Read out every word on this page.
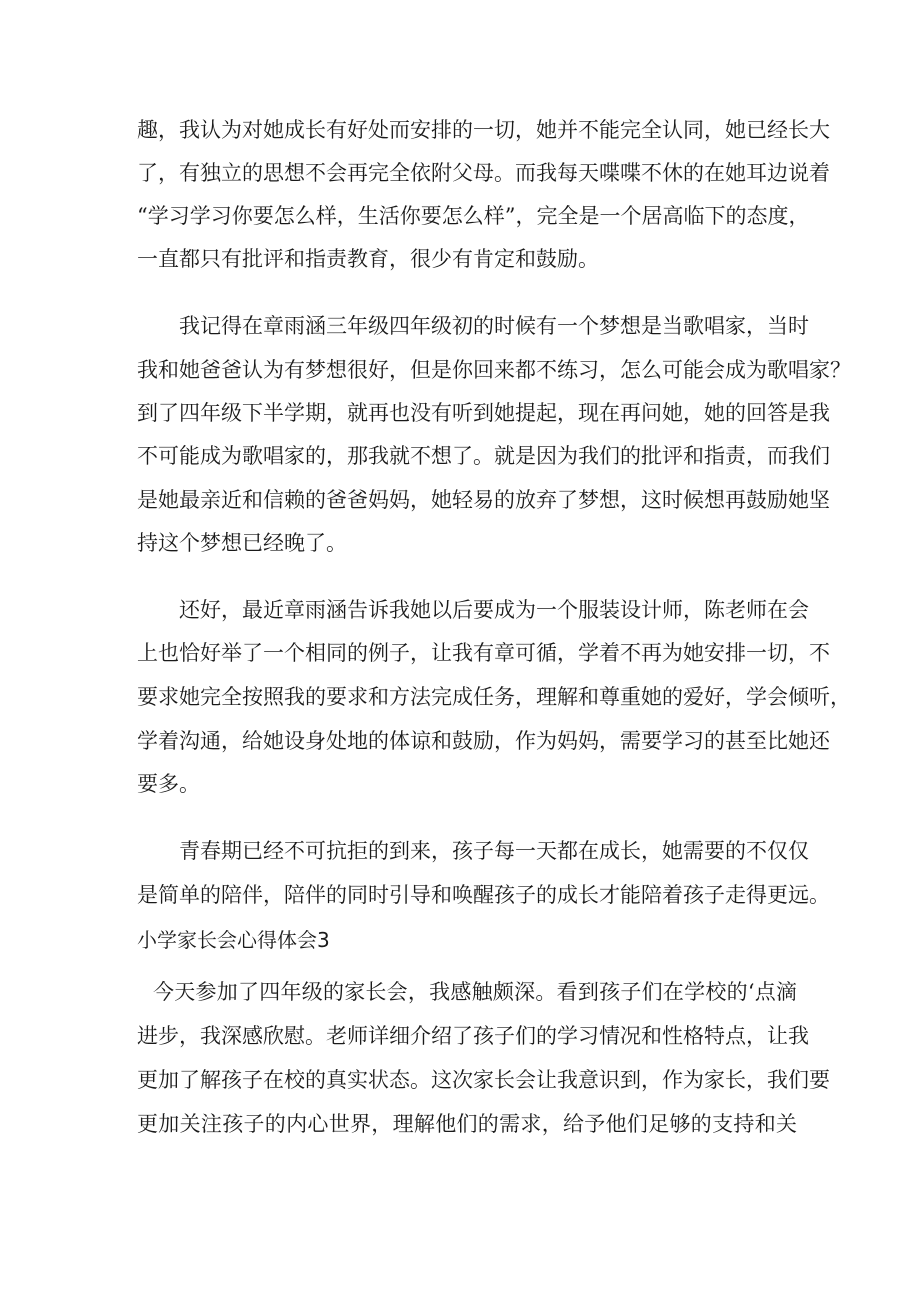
趣，我认为对她成长有好处而安排的一切，她并不能完全认同，她已经长大
了，有独立的思想不会再完全依附父母。而我每天喋喋不休的在她耳边说着
“学习学习你要怎么样，生活你要怎么样”，完全是一个居高临下的态度，
一直都只有批评和指责教育，很少有肯定和鼓励。
我记得在章雨涵三年级四年级初的时候有一个梦想是当歌唱家，当时
我和她爸爸认为有梦想很好，但是你回来都不练习，怎么可能会成为歌唱家？
到了四年级下半学期，就再也没有听到她提起，现在再问她，她的回答是我
不可能成为歌唱家的，那我就不想了。就是因为我们的批评和指责，而我们
是她最亲近和信赖的爸爸妈妈，她轻易的放弃了梦想，这时候想再鼓励她坚
持这个梦想已经晚了。
还好，最近章雨涵告诉我她以后要成为一个服装设计师，陈老师在会
上也恰好举了一个相同的例子，让我有章可循，学着不再为她安排一切，不
要求她完全按照我的要求和方法完成任务，理解和尊重她的爱好，学会倾听，
学着沟通，给她设身处地的体谅和鼓励，作为妈妈，需要学习的甚至比她还
要多。
青春期已经不可抗拒的到来，孩子每一天都在成长，她需要的不仅仅
是简单的陪伴，陪伴的同时引导和唤醒孩子的成长才能陪着孩子走得更远。
小学家长会心得体会3
今天参加了四年级的家长会，我感触颇深。看到孩子们在学校的‘点滴
进步，我深感欣慰。老师详细介绍了孩子们的学习情况和性格特点，让我
更加了解孩子在校的真实状态。这次家长会让我意识到，作为家长，我们要
更加关注孩子的内心世界，理解他们的需求，给予他们足够的支持和关
